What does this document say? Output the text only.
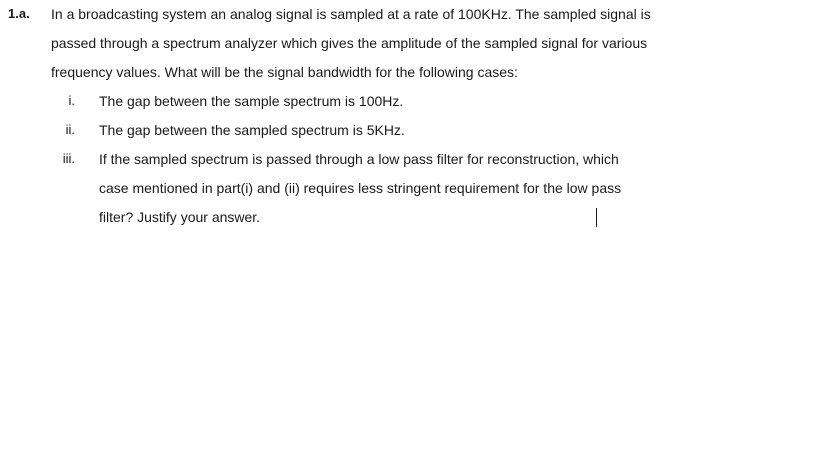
1.a. In a broadcasting system an analog signal is sampled at a rate of 100KHz. The sampled signal is
passed through a spectrum analyzer which gives the amplitude of the sampled signal for various
frequency values. What will be the signal bandwidth for the following cases:
i. The gap between the sample spectrum is 100Hz.
ii. The gap between the sampled spectrum is 5KHz.
iii. If the sampled spectrum is passed through a low pass filter for reconstruction, which
case mentioned in part(i) and (ii) requires less stringent requirement for the low pass
filter? Justify your answer.
